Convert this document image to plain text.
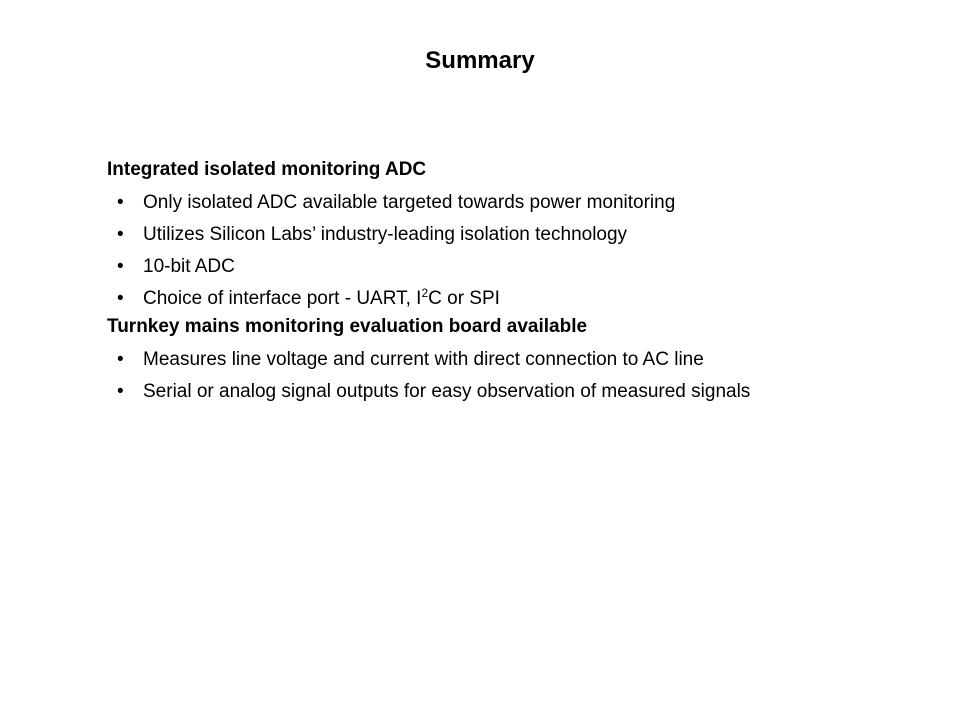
Summary

Integrated isolated monitoring ADC

• Only isolated ADC available targeted towards power monitoring
• Utilizes Silicon Labs’ industry-leading isolation technology
• 10-bit ADC
• Choice of interface port - UART, $I^2C$ or SPI

Turnkey mains monitoring evaluation board available

• Measures line voltage and current with direct connection to AC line
• Serial or analog signal outputs for easy observation of measured signals
